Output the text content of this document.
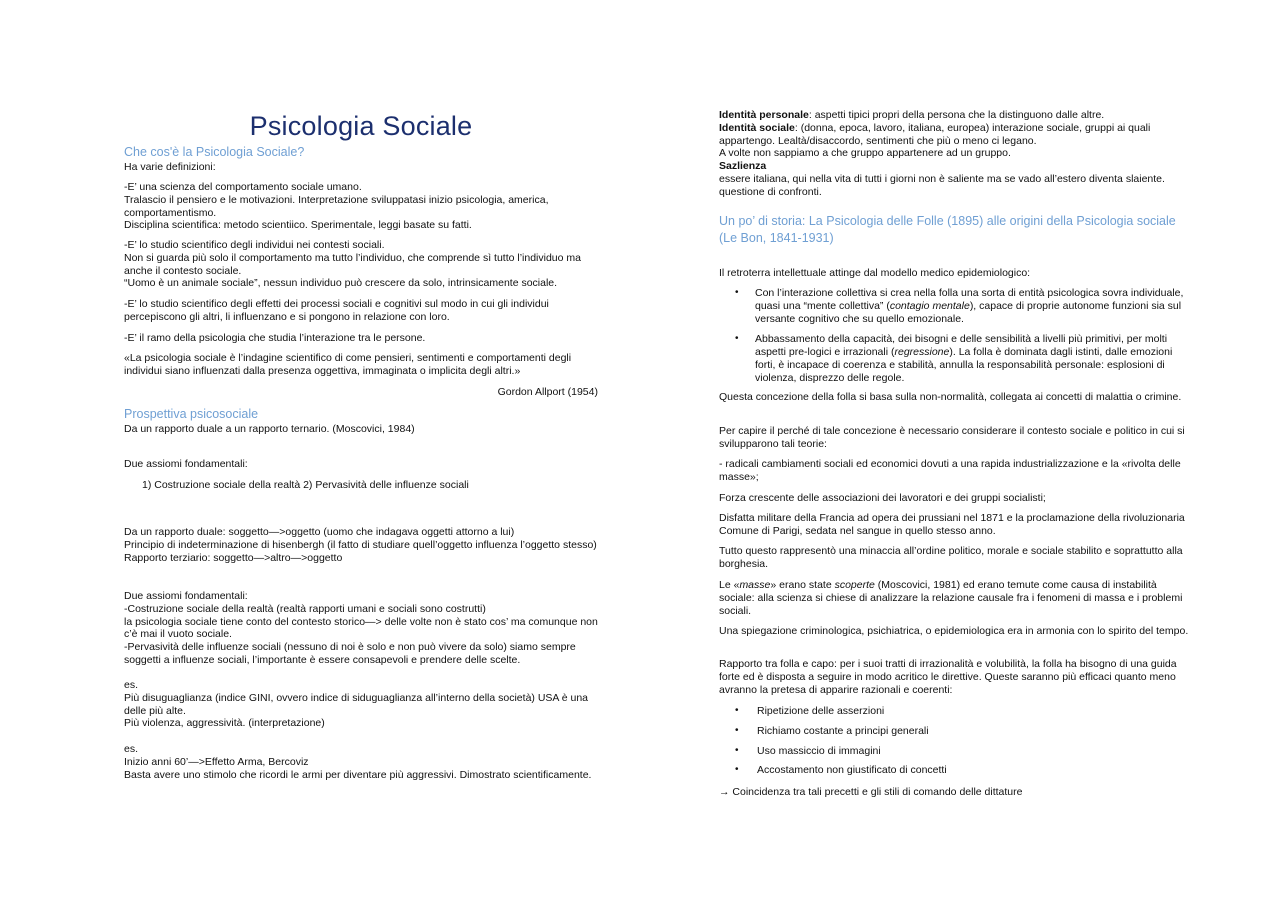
Psicologia Sociale
Che cos'è la Psicologia Sociale?
Ha varie definizioni:
-E’ una scienza del comportamento sociale umano.
Tralascio il pensiero e le motivazioni. Interpretazione sviluppatasi inizio psicologia, america, comportamentismo.
Disciplina scientifica: metodo scientiico. Sperimentale, leggi basate su fatti.
-E’ lo studio scientifico degli individui nei contesti sociali.
Non si guarda più solo il comportamento ma tutto l’individuo, che comprende sì tutto l’individuo ma anche il contesto sociale.
“Uomo è un animale sociale”, nessun individuo può crescere da solo, intrinsicamente sociale.
-E’ lo studio scientifico degli effetti dei processi sociali e cognitivi sul modo in cui gli individui percepiscono gli altri, li influenzano e si pongono in relazione con loro.
-E’ il ramo della psicologia che studia l’interazione tra le persone.
«La psicologia sociale è l’indagine scientifico di come pensieri, sentimenti e comportamenti degli individui siano influenzati dalla presenza oggettiva, immaginata o implicita degli altri.»
Gordon Allport (1954)
Prospettiva psicosociale
Da un rapporto duale a un rapporto ternario. (Moscovici, 1984)
Due assiomi fondamentali:
1) Costruzione sociale della realtà 2) Pervasività delle influenze sociali
Da un rapporto duale: soggetto—>oggetto (uomo che indagava oggetti attorno a lui)
Principio di indeterminazione di hisenbergh (il fatto di studiare quell’oggetto influenza l’oggetto stesso)
Rapporto terziario: soggetto—>altro—>oggetto
Due assiomi fondamentali:
-Costruzione sociale della realtà (realtà rapporti umani e sociali sono costrutti)
la psicologia sociale tiene conto del contesto storico—> delle volte non è stato cos’ ma comunque non c’è mai il vuoto sociale.
-Pervasività delle influenze sociali (nessuno di noi è solo e non può vivere da solo) siamo sempre soggetti a influenze sociali, l’importante è essere consapevoli e prendere delle scelte.
es.
Più disuguaglianza (indice GINI, ovvero indice di siduguaglianza all’interno della società) USA è una delle più alte.
Più violenza, aggressività. (interpretazione)
es.
Inizio anni 60’—>Effetto Arma, Bercoviz
Basta avere uno stimolo che ricordi le armi per diventare più aggressivi. Dimostrato scientificamente.
Identità personale: aspetti tipici propri della persona che la distinguono dalle altre.
Identità sociale: (donna, epoca, lavoro, italiana, europea) interazione sociale, gruppi ai quali appartengo. Lealtà/disaccordo, sentimenti che più o meno ci legano.
A volte non sappiamo a che gruppo appartenere ad un gruppo.
Sazlienza
essere italiana, qui nella vita di tutti i giorni non è saliente ma se vado all’estero diventa slaiente. questione di confronti.
Un po’ di storia: La Psicologia delle Folle (1895) alle origini della Psicologia sociale (Le Bon, 1841-1931)
Il retroterra intellettuale attinge dal modello medico epidemiologico:
• Con l’interazione collettiva si crea nella folla una sorta di entità psicologica sovra individuale, quasi una “mente collettiva” (contagio mentale), capace di proprie autonome funzioni sia sul versante cognitivo che su quello emozionale.
• Abbassamento della capacità, dei bisogni e delle sensibilità a livelli più primitivi, per molti aspetti pre-logici e irrazionali (regressione). La folla è dominata dagli istinti, dalle emozioni forti, è incapace di coerenza e stabilità, annulla la responsabilità personale: esplosioni di violenza, disprezzo delle regole.
Questa concezione della folla si basa sulla non-normalità, collegata ai concetti di malattia o crimine.
Per capire il perché di tale concezione è necessario considerare il contesto sociale e politico in cui si svilupparono tali teorie:
- radicali cambiamenti sociali ed economici dovuti a una rapida industrializzazione e la «rivolta delle masse»;
Forza crescente delle associazioni dei lavoratori e dei gruppi socialisti;
Disfatta militare della Francia ad opera dei prussiani nel 1871 e la proclamazione della rivoluzionaria Comune di Parigi, sedata nel sangue in quello stesso anno.
Tutto questo rappresentò una minaccia all’ordine politico, morale e sociale stabilito e soprattutto alla borghesia.
Le «masse» erano state scoperte (Moscovici, 1981) ed erano temute come causa di instabilità sociale: alla scienza si chiese di analizzare la relazione causale fra i fenomeni di massa e i problemi sociali.
Una spiegazione criminologica, psichiatrica, o epidemiologica era in armonia con lo spirito del tempo.
Rapporto tra folla e capo: per i suoi tratti di irrazionalità e volubilità, la folla ha bisogno di una guida forte ed è disposta a seguire in modo acritico le direttive. Queste saranno più efficaci quanto meno avranno la pretesa di apparire razionali e coerenti:
• Ripetizione delle asserzioni
• Richiamo costante a principi generali
• Uso massiccio di immagini
• Accostamento non giustificato di concetti
→ Coincidenza tra tali precetti e gli stili di comando delle dittature
